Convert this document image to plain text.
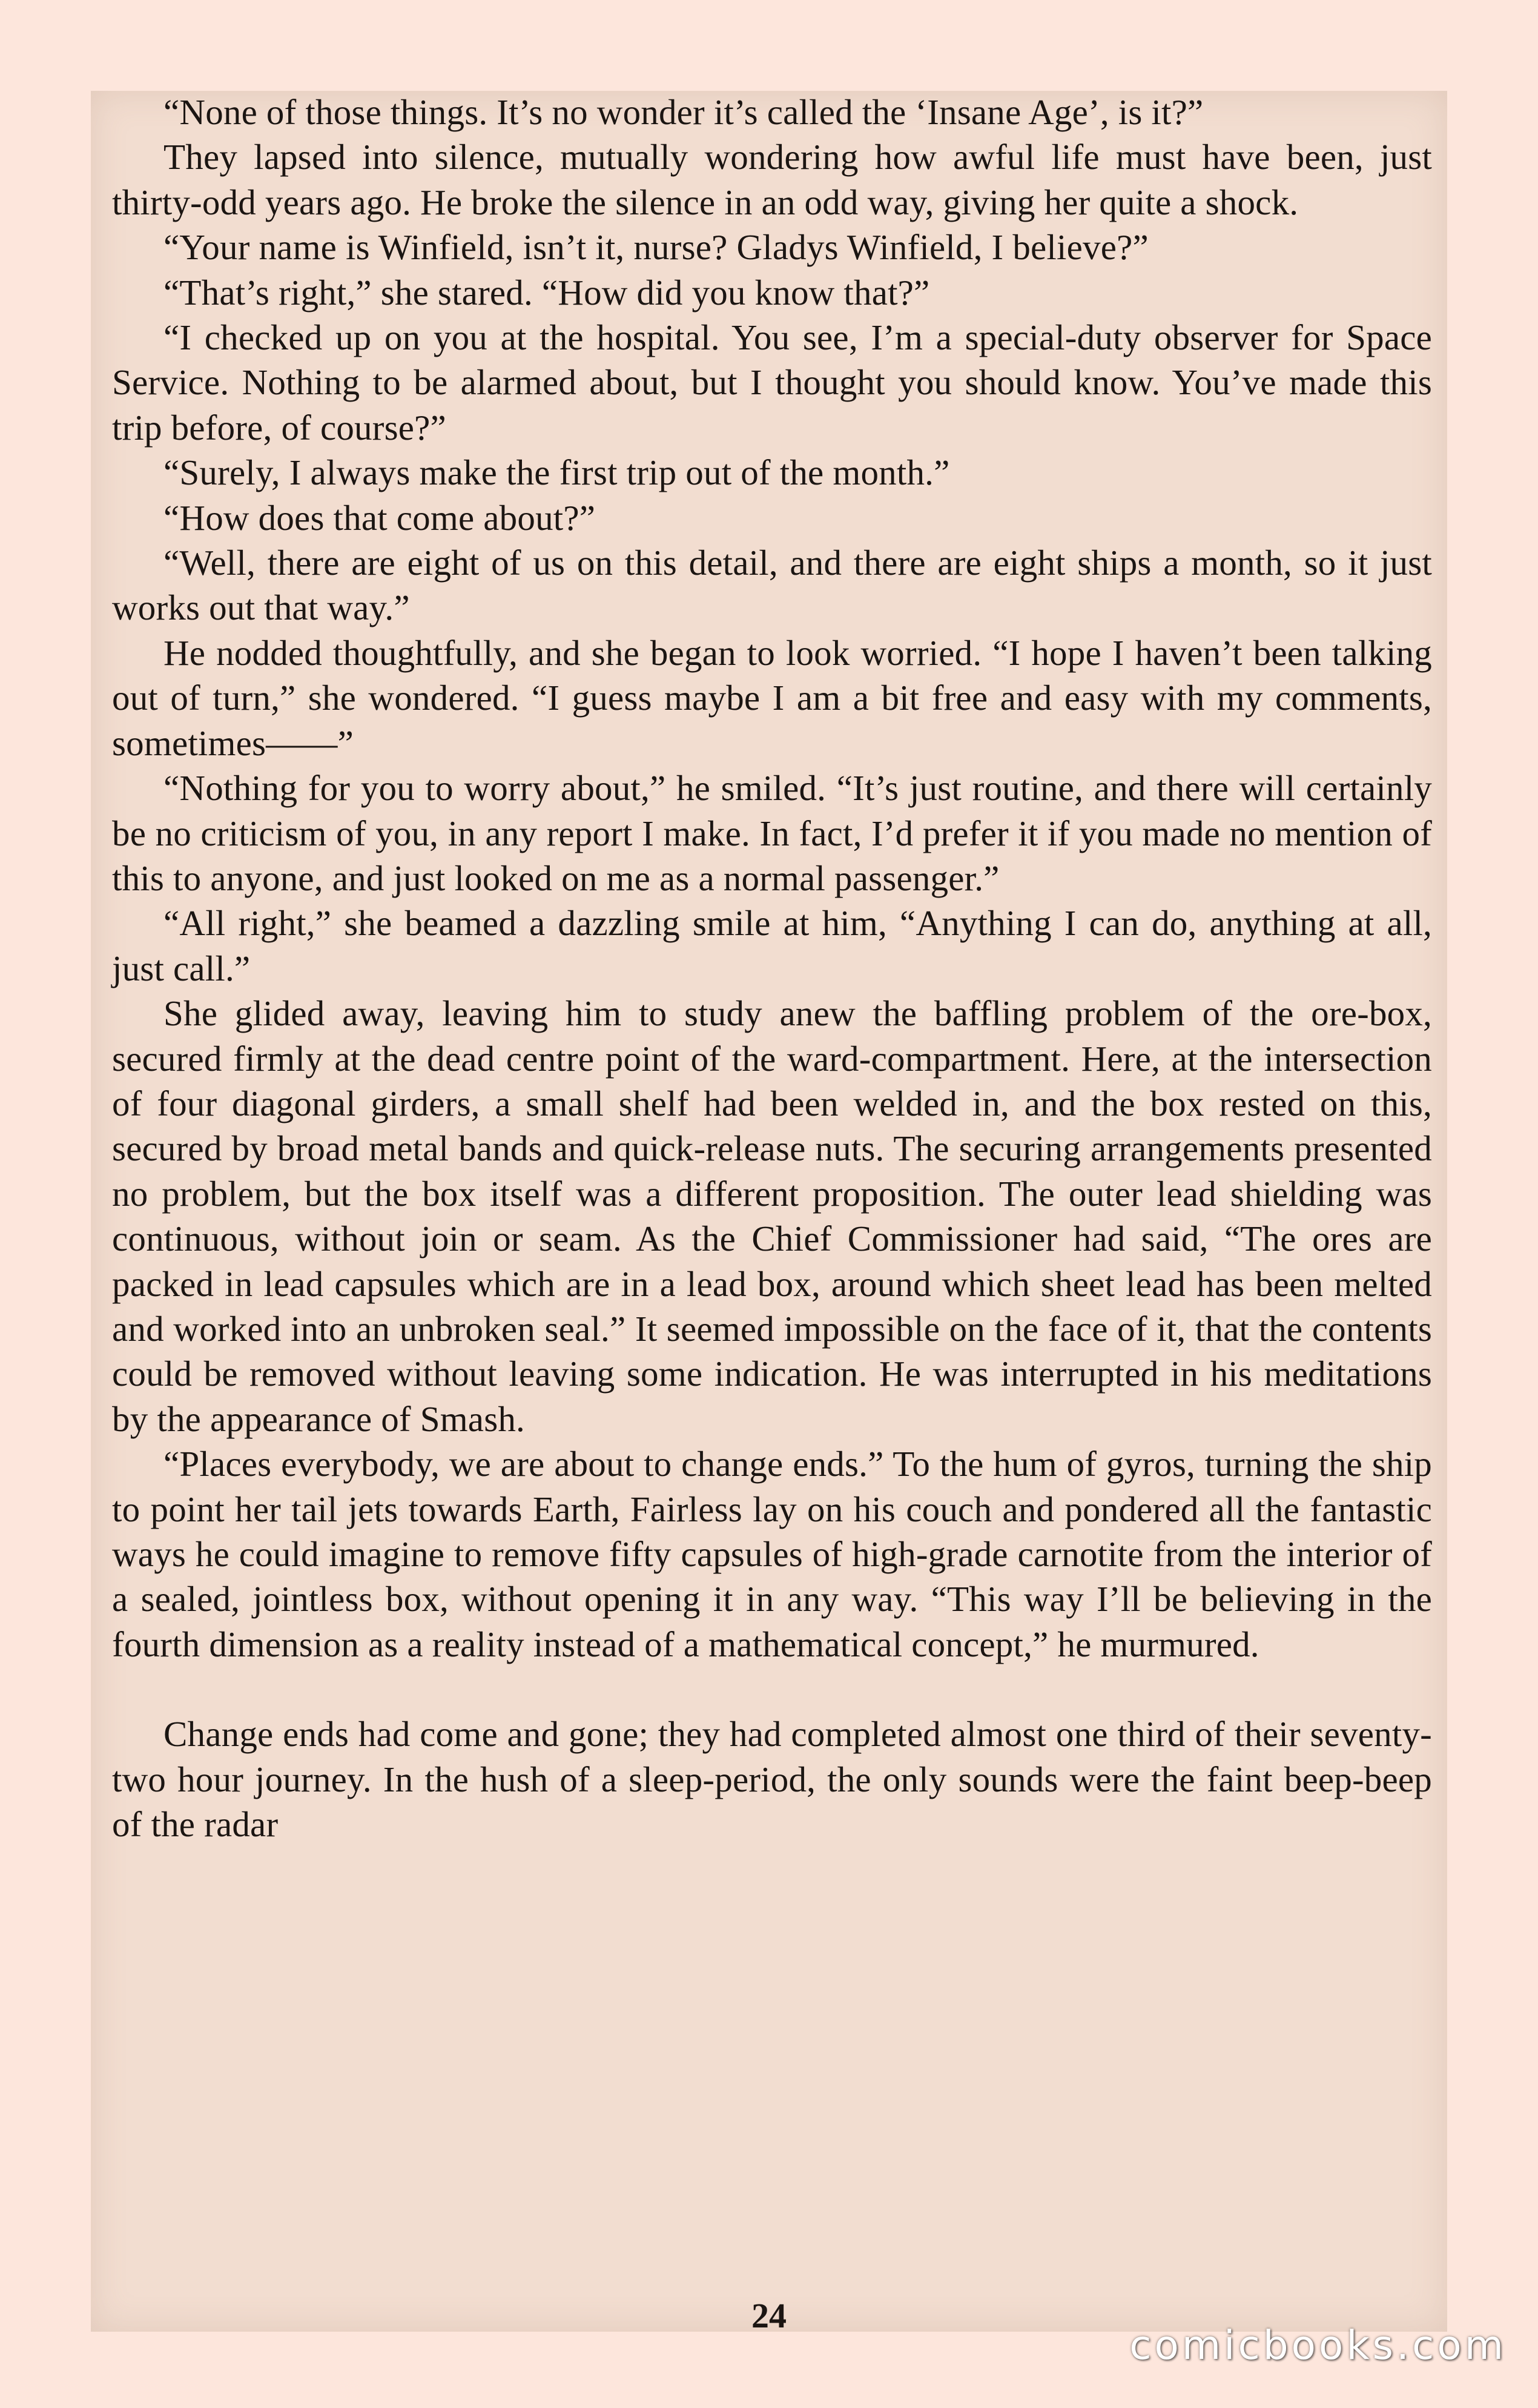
“None of those things. It’s no wonder it’s called the ‘Insane Age’, is it?”

They lapsed into silence, mutually wondering how awful life must have been, just thirty-odd years ago. He broke the silence in an odd way, giving her quite a shock.

“Your name is Winfield, isn’t it, nurse? Gladys Winfield, I believe?”

“That’s right,” she stared. “How did you know that?”

“I checked up on you at the hospital. You see, I’m a special-duty observer for Space Service. Nothing to be alarmed about, but I thought you should know. You’ve made this trip before, of course?”

“Surely, I always make the first trip out of the month.”

“How does that come about?”

“Well, there are eight of us on this detail, and there are eight ships a month, so it just works out that way.”

He nodded thoughtfully, and she began to look worried. “I hope I haven’t been talking out of turn,” she wondered. “I guess maybe I am a bit free and easy with my comments, sometimes——”

“Nothing for you to worry about,” he smiled. “It’s just routine, and there will certainly be no criticism of you, in any report I make. In fact, I’d prefer it if you made no mention of this to anyone, and just looked on me as a normal passenger.”

“All right,” she beamed a dazzling smile at him, “Anything I can do, anything at all, just call.”

She glided away, leaving him to study anew the baffling problem of the ore-box, secured firmly at the dead centre point of the ward-compartment. Here, at the intersection of four diagonal girders, a small shelf had been welded in, and the box rested on this, secured by broad metal bands and quick-release nuts. The securing arrangements presented no problem, but the box itself was a different proposition. The outer lead shielding was continuous, without join or seam. As the Chief Commissioner had said, “The ores are packed in lead capsules which are in a lead box, around which sheet lead has been melted and worked into an unbroken seal.” It seemed impossible on the face of it, that the contents could be removed without leaving some indication. He was interrupted in his meditations by the appearance of Smash.

“Places everybody, we are about to change ends.” To the hum of gyros, turning the ship to point her tail jets towards Earth, Fairless lay on his couch and pondered all the fantastic ways he could imagine to remove fifty capsules of high-grade carnotite from the interior of a sealed, jointless box, without opening it in any way. “This way I’ll be believing in the fourth dimension as a reality instead of a mathematical concept,” he murmured.

Change ends had come and gone; they had completed almost one third of their seventy-two hour journey. In the hush of a sleep-period, the only sounds were the faint beep-beep of the radar

24
comicbooks.com
